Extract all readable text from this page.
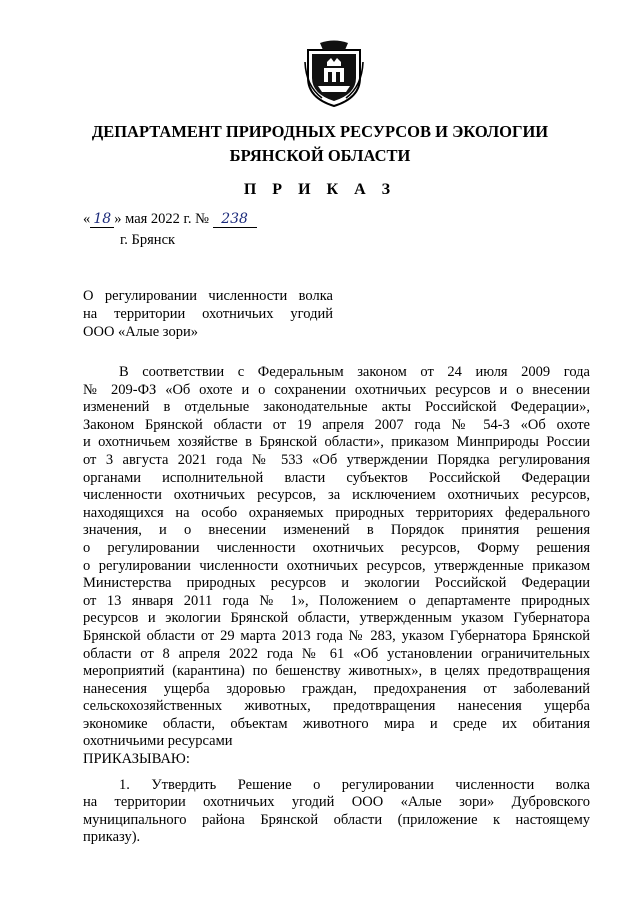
ДЕПАРТАМЕНТ ПРИРОДНЫХ РЕСУРСОВ И ЭКОЛОГИИ
БРЯНСКОЙ ОБЛАСТИ
П Р И К А З
« 18 » мая 2022 г. № 238
г. Брянск
О регулировании численности волка
на территории охотничьих угодий
ООО «Алые зори»
В соответствии с Федеральным законом от 24 июля 2009 года
№ 209-ФЗ «Об охоте и о сохранении охотничьих ресурсов и о внесении
изменений в отдельные законодательные акты Российской Федерации»,
Законом Брянской области от 19 апреля 2007 года № 54-З «Об охоте
и охотничьем хозяйстве в Брянской области», приказом Минприроды России
от 3 августа 2021 года № 533 «Об утверждении Порядка регулирования
органами исполнительной власти субъектов Российской Федерации
численности охотничьих ресурсов, за исключением охотничьих ресурсов,
находящихся на особо охраняемых природных территориях федерального
значения, и о внесении изменений в Порядок принятия решения
о регулировании численности охотничьих ресурсов, Форму решения
о регулировании численности охотничьих ресурсов, утвержденные приказом
Министерства природных ресурсов и экологии Российской Федерации
от 13 января 2011 года № 1», Положением о департаменте природных
ресурсов и экологии Брянской области, утвержденным указом Губернатора
Брянской области от 29 марта 2013 года № 283, указом Губернатора Брянской
области от 8 апреля 2022 года № 61 «Об установлении ограничительных
мероприятий (карантина) по бешенству животных», в целях предотвращения
нанесения ущерба здоровью граждан, предохранения от заболеваний
сельскохозяйственных животных, предотвращения нанесения ущерба
экономике области, объектам животного мира и среде их обитания
охотничьими ресурсами
ПРИКАЗЫВАЮ:
1. Утвердить Решение о регулировании численности волка
на территории охотничьих угодий ООО «Алые зори» Дубровского
муниципального района Брянской области (приложение к настоящему
приказу).
